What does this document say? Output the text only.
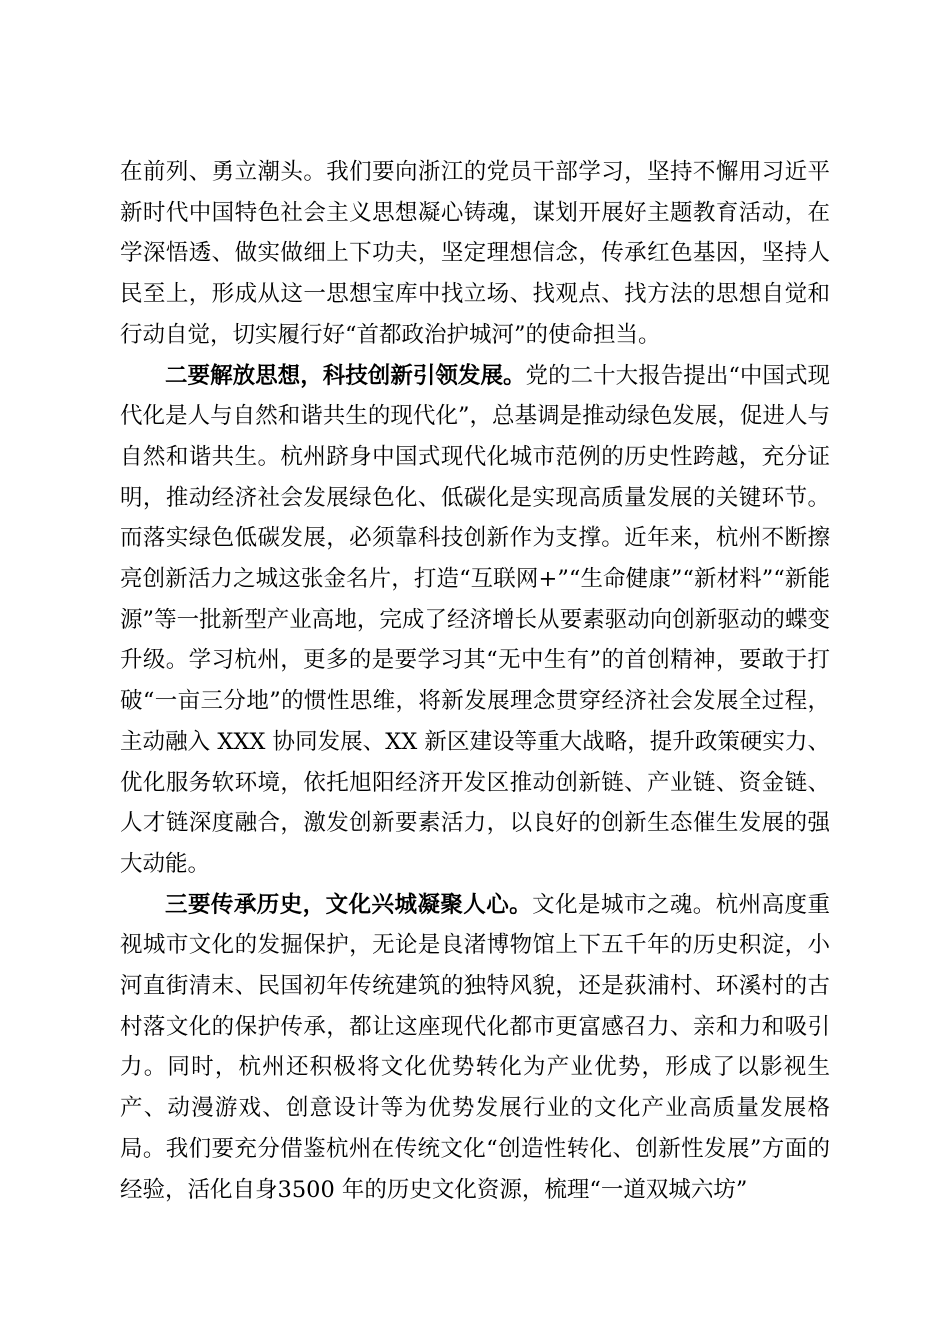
在前列、勇立潮头。我们要向浙江的党员干部学习，坚持不懈用习近平新时代中国特色社会主义思想凝心铸魂，谋划开展好主题教育活动，在学深悟透、做实做细上下功夫，坚定理想信念，传承红色基因，坚持人民至上，形成从这一思想宝库中找立场、找观点、找方法的思想自觉和行动自觉，切实履行好“首都政治护城河”的使命担当。

二要解放思想，科技创新引领发展。党的二十大报告提出“中国式现代化是人与自然和谐共生的现代化”，总基调是推动绿色发展，促进人与自然和谐共生。杭州跻身中国式现代化城市范例的历史性跨越，充分证明，推动经济社会发展绿色化、低碳化是实现高质量发展的关键环节。而落实绿色低碳发展，必须靠科技创新作为支撑。近年来，杭州不断擦亮创新活力之城这张金名片，打造“互联网+”“生命健康”“新材料”“新能源”等一批新型产业高地，完成了经济增长从要素驱动向创新驱动的蝶变升级。学习杭州，更多的是要学习其“无中生有”的首创精神，要敢于打破“一亩三分地”的惯性思维，将新发展理念贯穿经济社会发展全过程，主动融入 XXX 协同发展、XX 新区建设等重大战略，提升政策硬实力、优化服务软环境，依托旭阳经济开发区推动创新链、产业链、资金链、人才链深度融合，激发创新要素活力，以良好的创新生态催生发展的强大动能。

三要传承历史，文化兴城凝聚人心。文化是城市之魂。杭州高度重视城市文化的发掘保护，无论是良渚博物馆上下五千年的历史积淀，小河直街清末、民国初年传统建筑的独特风貌，还是荻浦村、环溪村的古村落文化的保护传承，都让这座现代化都市更富感召力、亲和力和吸引力。同时，杭州还积极将文化优势转化为产业优势，形成了以影视生产、动漫游戏、创意设计等为优势发展行业的文化产业高质量发展格局。我们要充分借鉴杭州在传统文化“创造性转化、创新性发展”方面的经验，活化自身3500 年的历史文化资源，梳理“一道双城六坊”
